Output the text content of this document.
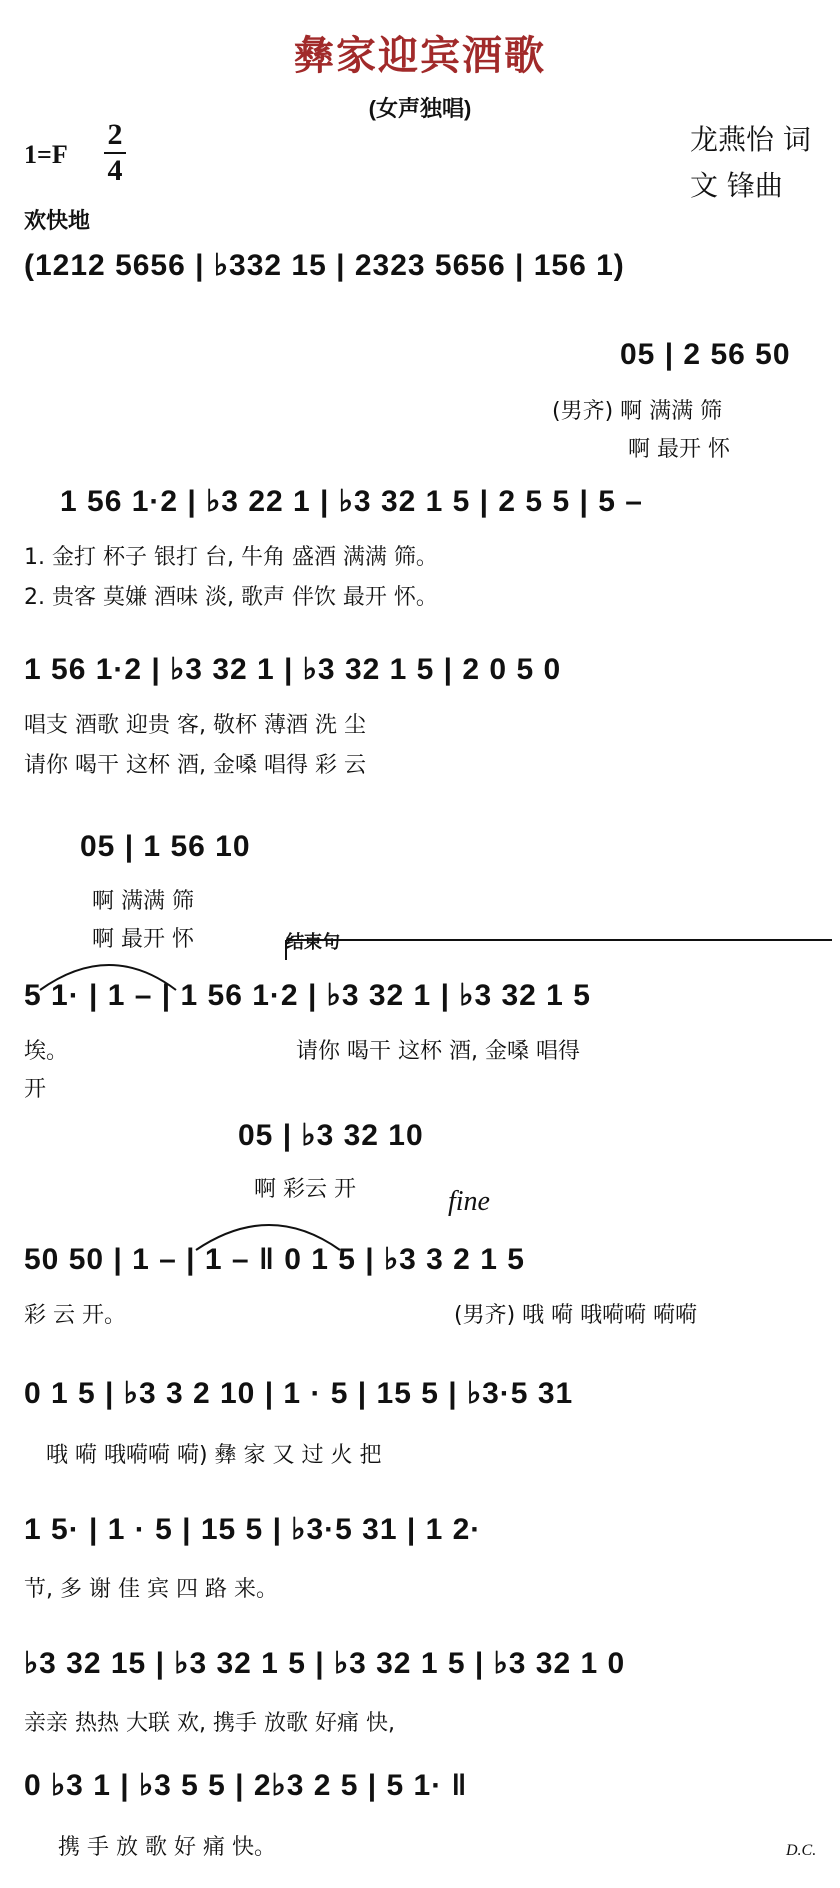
彝家迎宾酒歌
(女声独唱)
1=F
2
4
龙燕怡 词
文 锋曲
欢快地
(1212 5656 | ♭332 15 | 2323 5656 | 156 1)
05 | 2 56 50
(男齐) 啊 满满 筛
啊 最开 怀
1 56 1·2 | ♭3 22 1 | ♭3 32 1 5 | 2 5 5 | 5 –
1. 金打 杯子 银打 台, 牛角 盛酒 满满 筛。
2. 贵客 莫嫌 酒味 淡, 歌声 伴饮 最开 怀。
1 56 1·2 | ♭3 32 1 | ♭3 32 1 5 | 2 0 5 0
唱支 酒歌 迎贵 客, 敬杯 薄酒 洗 尘
请你 喝干 这杯 酒, 金嗓 唱得 彩 云
05 | 1 56 10
啊 满满 筛
啊 最开 怀	结束句
5 1· | 1 – | 1 56 1·2 | ♭3 32 1 | ♭3 32 1 5
埃。	请你 喝干 这杯 酒, 金嗓 唱得
开
05 | ♭3 32 10
啊 彩云 开	fine
50 50 | 1 – | 1 – ‖ 0 1 5 | ♭3 3 2 1 5
彩 云 开。	(男齐) 哦 嗬 哦嗬嗬 嗬嗬
0 1 5 | ♭3 3 2 10 | 1 · 5 | 15 5 | ♭3·5 31
哦 嗬 哦嗬嗬 嗬) 彝 家 又 过 火 把
1 5· | 1 · 5 | 15 5 | ♭3·5 31 | 1 2·
节, 多 谢 佳 宾 四 路 来。
♭3 32 15 | ♭3 32 1 5 | ♭3 32 1 5 | ♭3 32 1 0
亲亲 热热 大联 欢, 携手 放歌 好痛 快,
0 ♭3 1 | ♭3 5 5 | 2♭3 2 5 | 5 1· ‖
携 手 放 歌 好 痛 快。	D.C.
